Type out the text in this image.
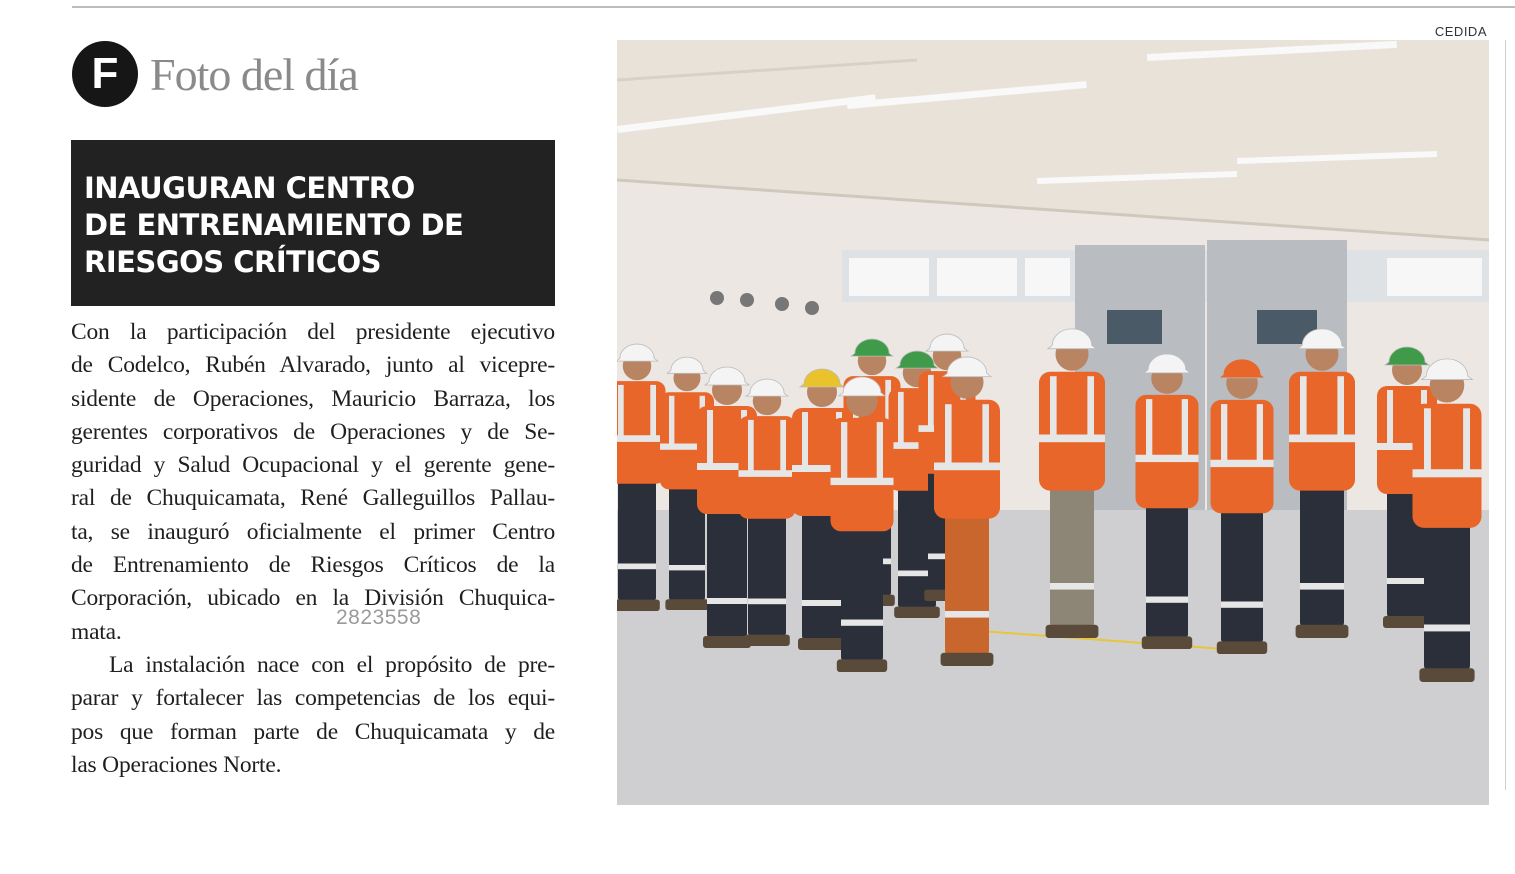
F Foto del día
INAUGURAN CENTRO
DE ENTRENAMIENTO DE
RIESGOS CRÍTICOS
Con la participación del presidente ejecutivo
de Codelco, Rubén Alvarado, junto al vicepre-
sidente de Operaciones, Mauricio Barraza, los
gerentes corporativos de Operaciones y de Se-
guridad y Salud Ocupacional y el gerente gene-
ral de Chuquicamata, René Galleguillos Pallau-
ta, se inauguró oficialmente el primer Centro
de Entrenamiento de Riesgos Críticos de la
Corporación, ubicado en la División Chuquica-
mata.
La instalación nace con el propósito de pre-
parar y fortalecer las competencias de los equi-
pos que forman parte de Chuquicamata y de
las Operaciones Norte.
2823558
CEDIDA
